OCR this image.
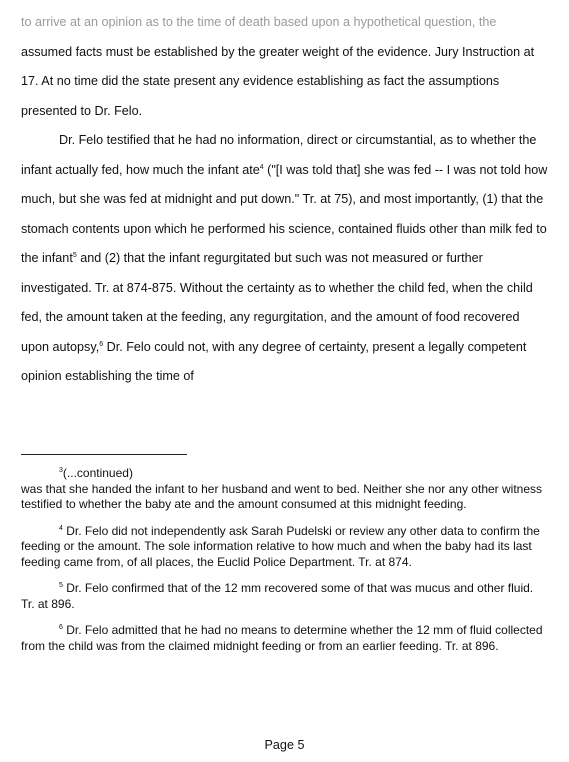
to arrive at an opinion as to the time of death based upon a hypothetical question, the assumed facts must be established by the greater weight of the evidence. Jury Instruction at 17. At no time did the state present any evidence establishing as fact the assumptions presented to Dr. Felo.

Dr. Felo testified that he had no information, direct or circumstantial, as to whether the infant actually fed, how much the infant ate$^4$ ("[I was told that] she was fed -- I was not told how much, but she was fed at midnight and put down." Tr. at 75), and most importantly, (1) that the stomach contents upon which he performed his science, contained fluids other than milk fed to the infant$^5$ and (2) that the infant regurgitated but such was not measured or further investigated. Tr. at 874-875. Without the certainty as to whether the child fed, when the child fed, the amount taken at the feeding, any regurgitation, and the amount of food recovered upon autopsy,$^6$ Dr. Felo could not, with any degree of certainty, present a legally competent opinion establishing the time of

$^3$(...continued)
was that she handed the infant to her husband and went to bed. Neither she nor any other witness testified to whether the baby ate and the amount consumed at this midnight feeding.

$^4$ Dr. Felo did not independently ask Sarah Pudelski or review any other data to confirm the feeding or the amount. The sole information relative to how much and when the baby had its last feeding came from, of all places, the Euclid Police Department. Tr. at 874.

$^5$ Dr. Felo confirmed that of the 12 mm recovered some of that was mucus and other fluid. Tr. at 896.

$^6$ Dr. Felo admitted that he had no means to determine whether the 12 mm of fluid collected from the child was from the claimed midnight feeding or from an earlier feeding. Tr. at 896.

Page 5
